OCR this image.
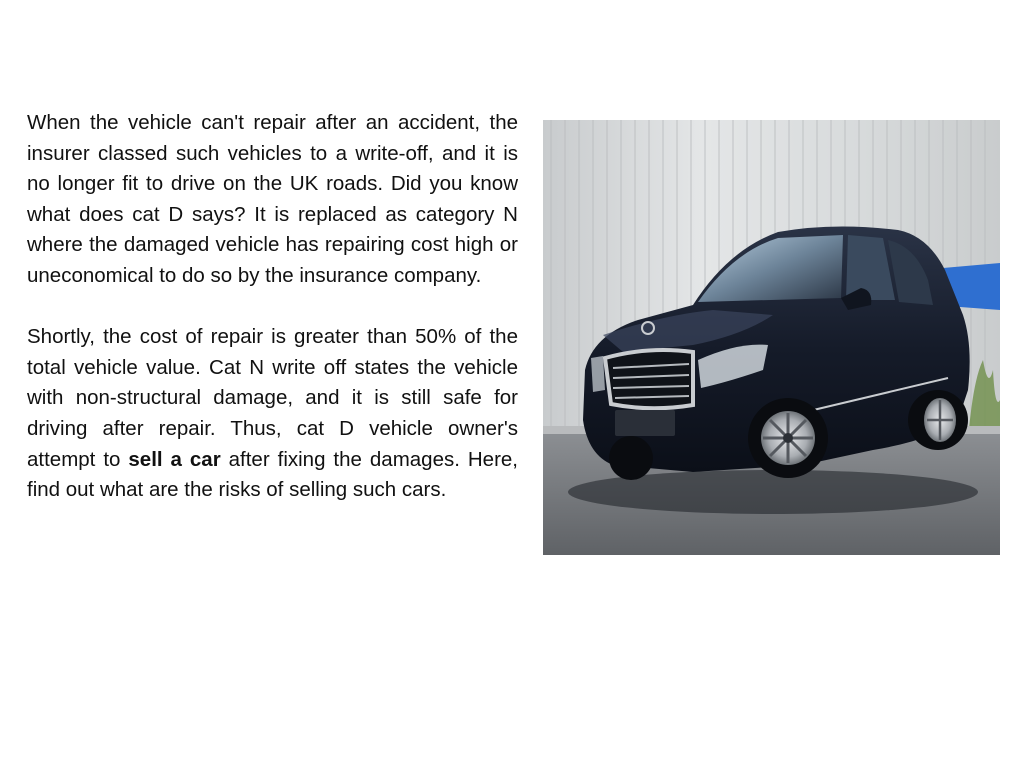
When the vehicle can't repair after an accident, the insurer classed such vehicles to a write-off, and it is no longer fit to drive on the UK roads. Did you know what does cat D says? It is replaced as category N where the damaged vehicle has repairing cost high or uneconomical to do so by the insurance company.

Shortly, the cost of repair is greater than 50% of the total vehicle value. Cat N write off states the vehicle with non-structural damage, and it is still safe for driving after repair. Thus, cat D vehicle owner's attempt to sell a car after fixing the damages. Here, find out what are the risks of selling such cars.
